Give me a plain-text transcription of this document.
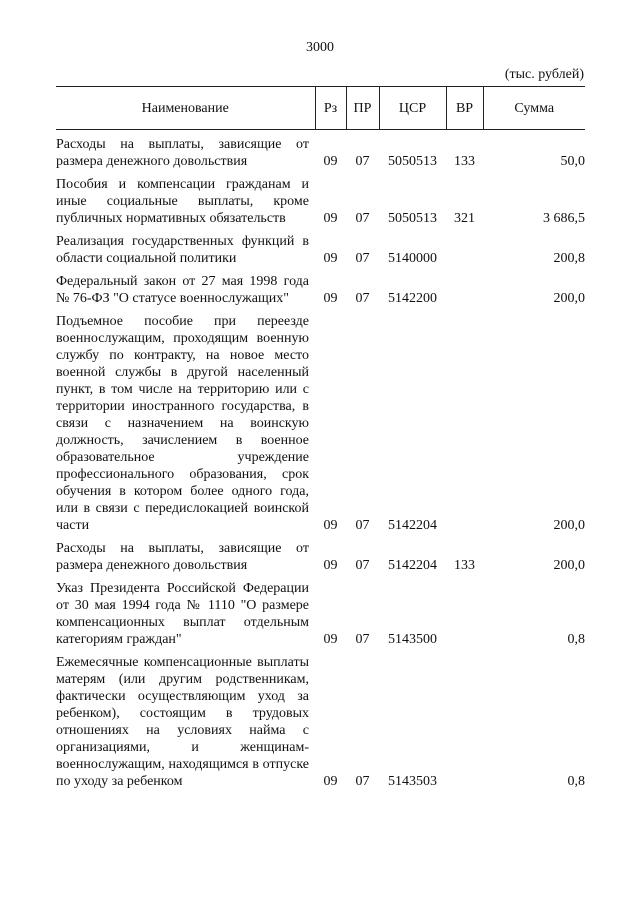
3000
(тыс. рублей)
Наименование	Рз	ПР	ЦСР	ВР	Сумма
Расходы на выплаты, зависящие от размера денежного довольствия	09	07	5050513	133	50,0
Пособия и компенсации гражданам и иные социальные выплаты, кроме публичных нормативных обязательств	09	07	5050513	321	3 686,5
Реализация государственных функций в области социальной политики	09	07	5140000		200,8
Федеральный закон от 27 мая 1998 года № 76-ФЗ "О статусе военнослужащих"	09	07	5142200		200,0
Подъемное пособие при переезде военнослужащим, проходящим военную службу по контракту, на новое место военной службы в другой населенный пункт, в том числе на территорию или с территории иностранного государства, в связи с назначением на воинскую должность, зачислением в военное образовательное учреждение профессионального образования, срок обучения в котором более одного года, или в связи с передислокацией воинской части	09	07	5142204		200,0
Расходы на выплаты, зависящие от размера денежного довольствия	09	07	5142204	133	200,0
Указ Президента Российской Федерации от 30 мая 1994 года № 1110 "О размере компенсационных выплат отдельным категориям граждан"	09	07	5143500		0,8
Ежемесячные компенсационные выплаты матерям (или другим родственникам, фактически осуществляющим уход за ребенком), состоящим в трудовых отношениях на условиях найма с организациями, и женщинам-военнослужащим, находящимся в отпуске по уходу за ребенком	09	07	5143503		0,8
